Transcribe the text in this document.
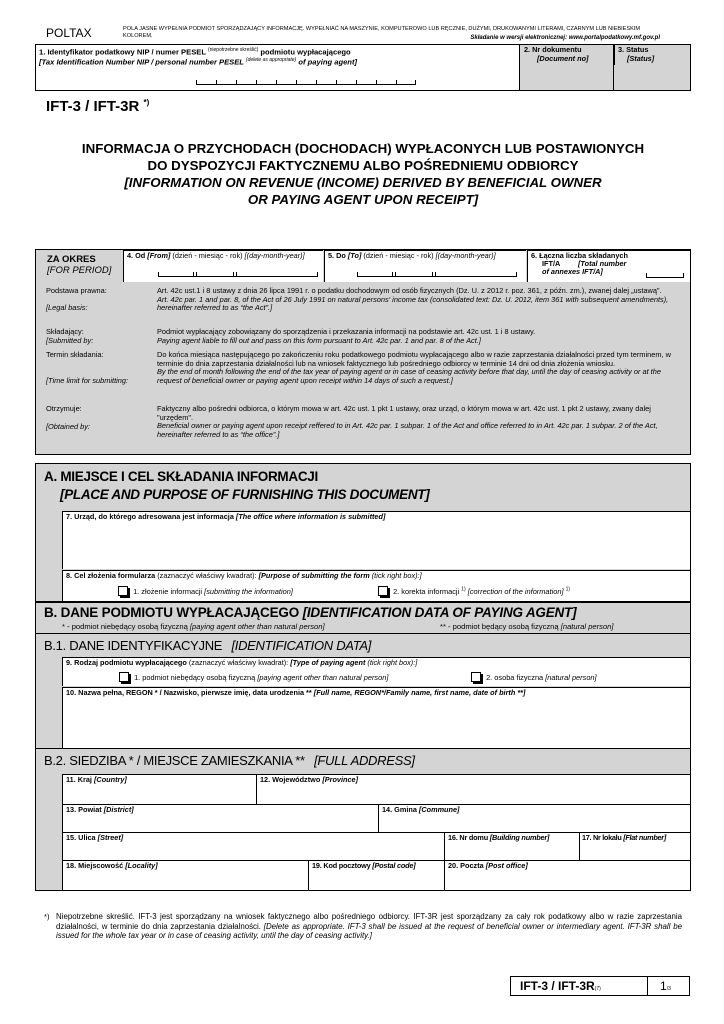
POLTAX	POLA JASNE WYPEŁNIA PODMIOT SPORZĄDZAJĄCY INFORMACJĘ. WYPEŁNIAĆ NA MASZYNIE, KOMPUTEROWO LUB RĘCZNIE, DUŻYMI, DRUKOWANYMI LITERAMI, CZARNYM LUB NIEBIESKIM KOLOREM.	Składanie w wersji elektronicznej: www.portalpodatkowy.mf.gov.pl
1. Identyfikator podatkowy NIP / numer PESEL $^{(niepotrzebne skreślić)}$ podmiotu wypłacającego
[Tax Identification Number NIP / personal number PESEL $^{(delete as appropriate)}$ of paying agent]
2. Nr dokumentu
[Document no]
3. Status
[Status]
IFT-3 / IFT-3R *)
INFORMACJA O PRZYCHODACH (DOCHODACH) WYPŁACONYCH LUB POSTAWIONYCH
DO DYSPOZYCJI FAKTYCZNEMU ALBO POŚREDNIEMU ODBIORCY
[INFORMATION ON REVENUE (INCOME) DERIVED BY BENEFICIAL OWNER
OR PAYING AGENT UPON RECEIPT]
ZA OKRES
[FOR PERIOD]
4. Od [From] (dzień - miesiąc - rok) [(day-month-year)]	5. Do [To] (dzień - miesiąc - rok) [(day-month-year)]	6. Łączna liczba składanych
IFT/A	[Total number
of annexes IFT/A]
Podstawa prawna:
[Legal basis:
Art. 42c ust.1 i 8 ustawy z dnia 26 lipca 1991 r. o podatku dochodowym od osób fizycznych (Dz. U. z 2012 r. poz. 361, z późn. zm.), zwanej dalej „ustawą”.
Art. 42c par. 1 and par. 8, of the Act of 26 July 1991 on natural persons' income tax (consolidated text: Dz. U. 2012, item 361 with subsequent amendments), hereinafter referred to as “the Act”.]
Składający:
[Submitted by:
Podmiot wypłacający zobowiązany do sporządzenia i przekazania informacji na podstawie art. 42c ust. 1 i 8 ustawy.
Paying agent liable to fill out and pass on this form pursuant to Art. 42c par. 1 and par. 8 of the Act.]
Termin składania:
[Time limit for submitting:
Do końca miesiąca następującego po zakończeniu roku podatkowego podmiotu wypłacającego albo w razie zaprzestania działalności przed tym terminem, w terminie do dnia zaprzestania działalności lub na wniosek faktycznego lub pośredniego odbiorcy w terminie 14 dni od dnia złożenia wniosku.
By the end of month following the end of the tax year of paying agent or in case of ceasing activity before that day, until the day of ceasing activity or at the request of beneficial owner or paying agent upon receipt within 14 days of such a request.]
Otrzymuje:
[Obtained by:
Faktyczny albo pośredni odbiorca, o którym mowa w art. 42c ust. 1 pkt 1 ustawy, oraz urząd, o którym mowa w art. 42c ust. 1 pkt 2 ustawy, zwany dalej "urzędem".
Beneficial owner or paying agent upon receipt reffered to in Art. 42c par. 1 subpar. 1 of the Act and office referred to in Art. 42c par. 1 subpar. 2 of the Act, hereinafter referred to as “the office”.]
A. MIEJSCE I CEL SKŁADANIA INFORMACJI
[PLACE AND PURPOSE OF FURNISHING THIS DOCUMENT]
7. Urząd, do którego adresowana jest informacja [The office where information is submitted]
8. Cel złożenia formularza (zaznaczyć właściwy kwadrat): [Purpose of submitting the form (tick right box):]
1. złożenie informacji [submitting the information]	2. korekta informacji $^{1)}$ [correction of the information] $^{1)}$
B. DANE PODMIOTU WYPŁACAJĄCEGO [IDENTIFICATION DATA OF PAYING AGENT]
* - podmiot niebędący osobą fizyczną [paying agent other than natural person]	** - podmiot będący osobą fizyczną [natural person]
B.1. DANE IDENTYFIKACYJNE [IDENTIFICATION DATA]
9. Rodzaj podmiotu wypłacającego (zaznaczyć właściwy kwadrat): [Type of paying agent (tick right box):]
1. podmiot niebędący osobą fizyczną [paying agent other than natural person]	2. osoba fizyczna [natural person]
10. Nazwa pełna, REGON * / Nazwisko, pierwsze imię, data urodzenia ** [Full name, REGON*/Family name, first name, date of birth **]
B.2. SIEDZIBA * / MIEJSCE ZAMIESZKANIA ** [FULL ADDRESS]
11. Kraj [Country]	12. Województwo [Province]
13. Powiat [District]	14. Gmina [Commune]
15. Ulica [Street]	16. Nr domu [Building number]	17. Nr lokalu [Flat number]
18. Miejscowość [Locality]	19. Kod pocztowy [Postal code]	20. Poczta [Post office]
*) Niepotrzebne skreślić. IFT-3 jest sporządzany na wniosek faktycznego albo pośredniego odbiorcy. IFT-3R jest sporządzany za cały rok podatkowy albo w razie zaprzestania działalności, w terminie do dnia zaprzestania działalności. [Delete as appropriate. IFT-3 shall be issued at the request of beneficial owner or intermediary agent. IFT-3R shall be issued for the whole tax year or in case of ceasing activity, until the day of ceasing activity.]
IFT-3 / IFT-3R(7)	1/3
